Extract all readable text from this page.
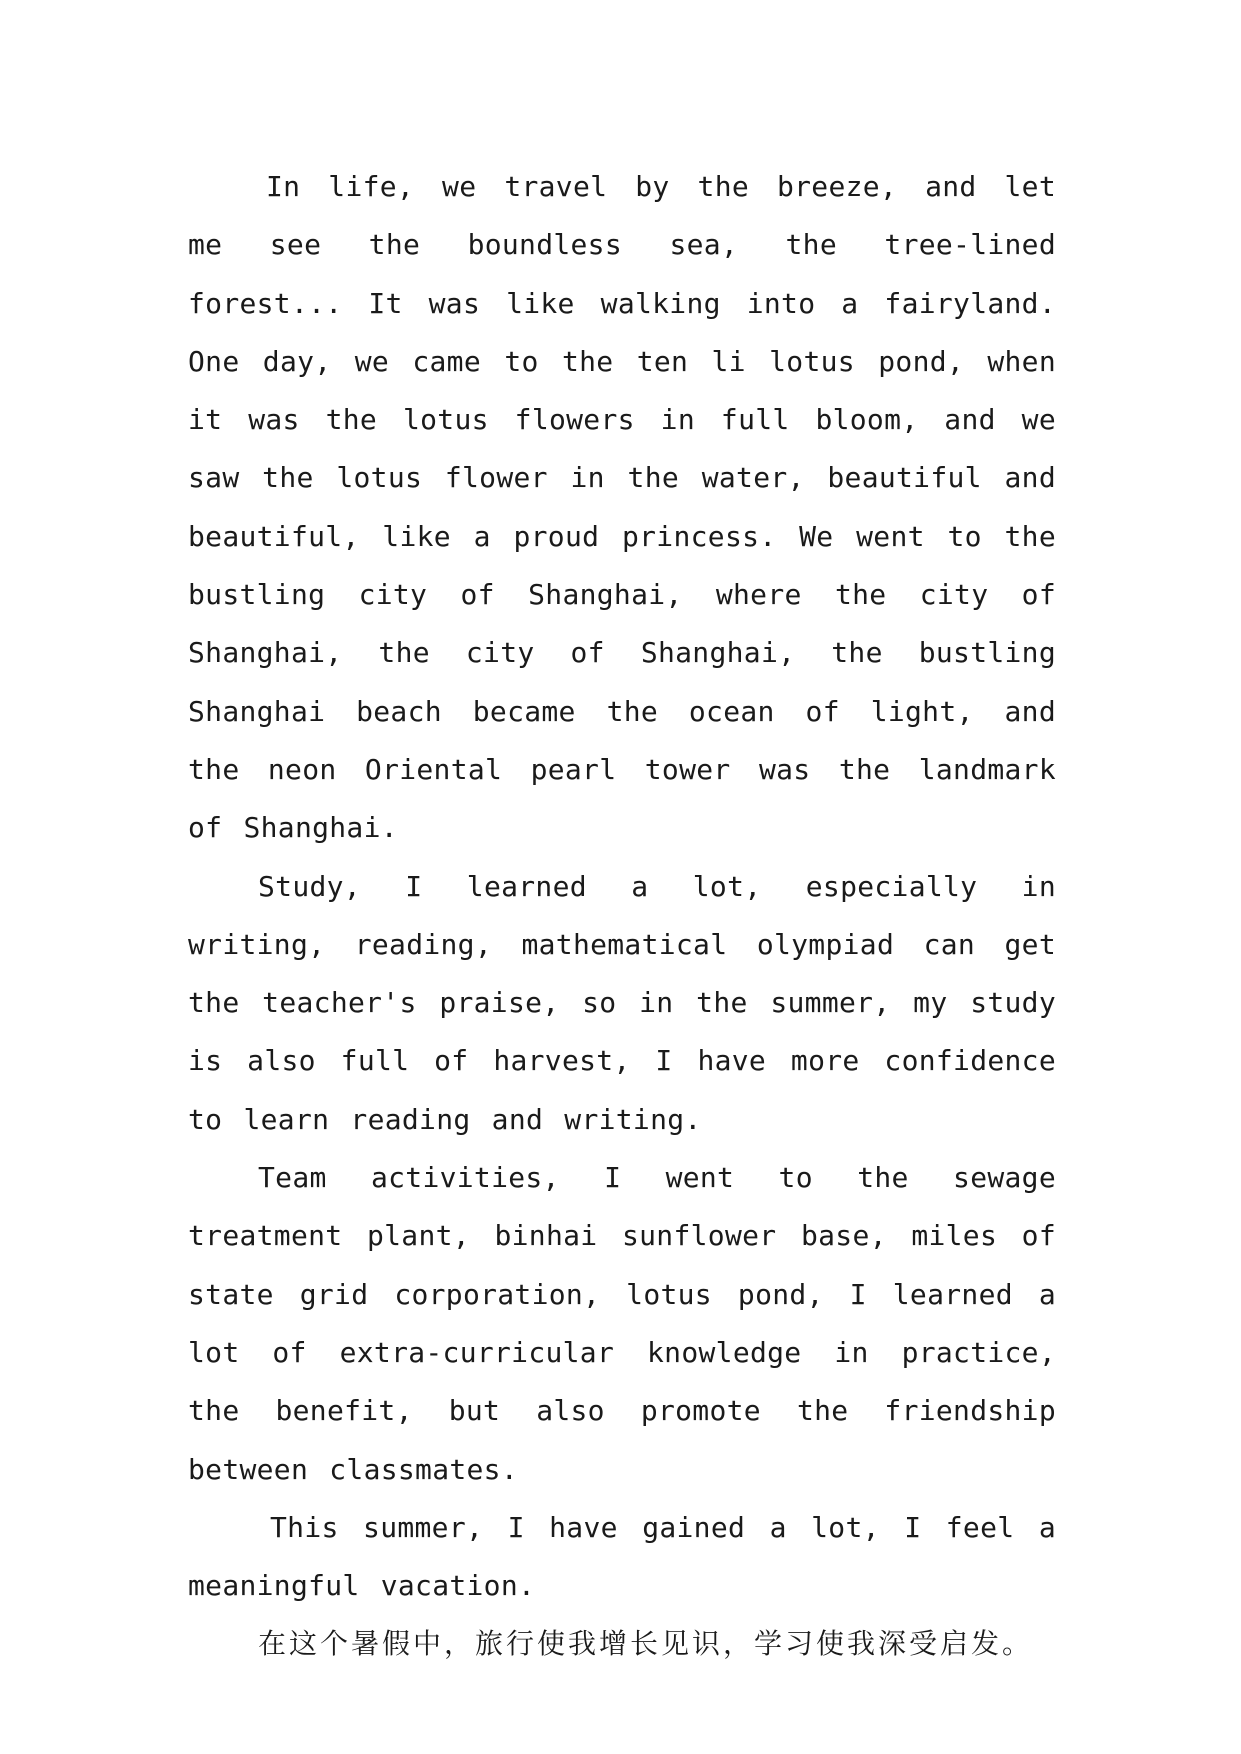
In life, we travel by the breeze, and let me see the boundless sea, the tree-lined forest... It was like walking into a fairyland. One day, we came to the ten li lotus pond, when it was the lotus flowers in full bloom, and we saw the lotus flower in the water, beautiful and beautiful, like a proud princess. We went to the bustling city of Shanghai, where the city of Shanghai, the city of Shanghai, the bustling Shanghai beach became the ocean of light, and the neon Oriental pearl tower was the landmark of Shanghai.

Study, I learned a lot, especially in writing, reading, mathematical olympiad can get the teacher's praise, so in the summer, my study is also full of harvest, I have more confidence to learn reading and writing.

Team activities, I went to the sewage treatment plant, binhai sunflower base, miles of state grid corporation, lotus pond, I learned a lot of extra-curricular knowledge in practice, the benefit, but also promote the friendship between classmates.

This summer, I have gained a lot, I feel a meaningful vacation.

在这个暑假中，旅行使我增长见识，学习使我深受启发。
